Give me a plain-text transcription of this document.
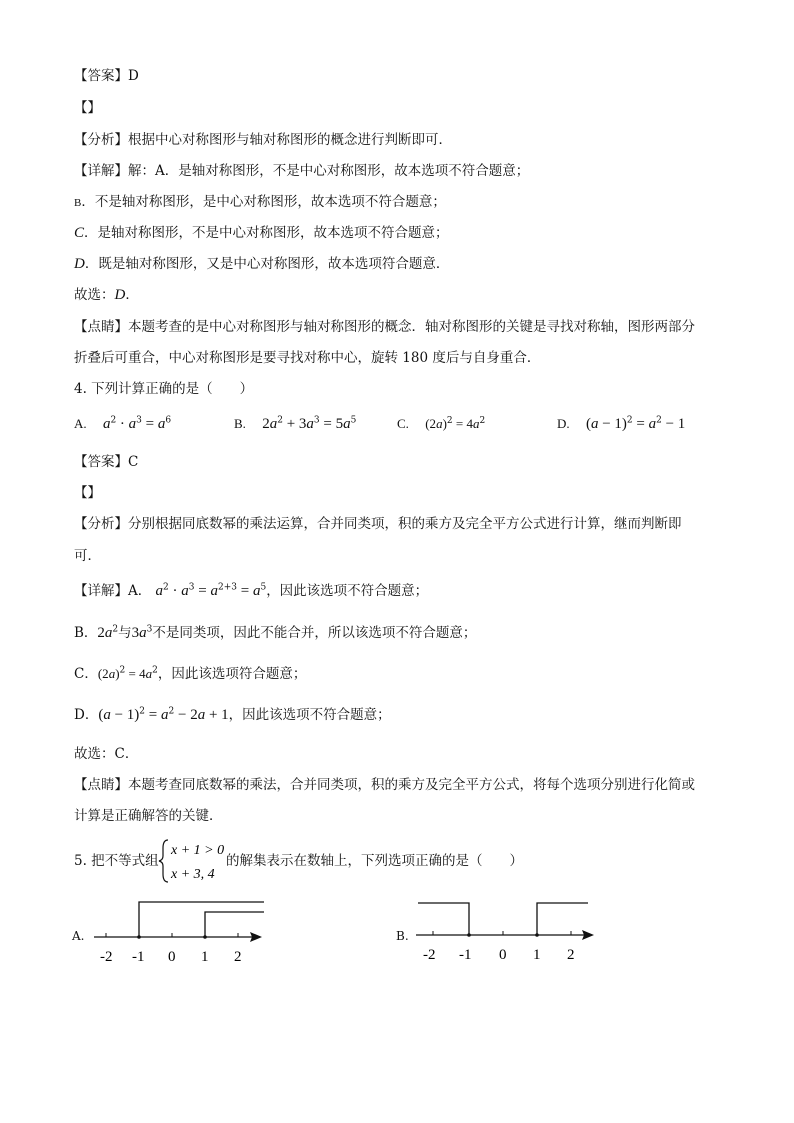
【答案】D
【】
【分析】根据中心对称图形与轴对称图形的概念进行判断即可．
【详解】解：A．是轴对称图形，不是中心对称图形，故本选项不符合题意；
B．不是轴对称图形，是中心对称图形，故本选项不符合题意；
C．是轴对称图形，不是中心对称图形，故本选项不符合题意；
D．既是轴对称图形，又是中心对称图形，故本选项符合题意．
故选：D．
【点睛】本题考查的是中心对称图形与轴对称图形的概念．轴对称图形的关键是寻找对称轴，图形两部分
折叠后可重合，中心对称图形是要寻找对称中心，旋转 180 度后与自身重合．
4. 下列计算正确的是（　　）
A. $a^2 \cdot a^3 = a^6$	B. $2a^2 + 3a^3 = 5a^5$	C. $(2a)^2 = 4a^2$	D. $(a - 1)^2 = a^2 - 1$
【答案】C
【】
【分析】分别根据同底数幂的乘法运算，合并同类项，积的乘方及完全平方公式进行计算，继而判断即
可．
【详解】A． $a^2 \cdot a^3 = a^{2+3} = a^5$，因此该选项不符合题意；
B．$2a^2$与$3a^3$不是同类项，因此不能合并，所以该选项不符合题意；
C．$(2a)^2 = 4a^2$，因此该选项符合题意；
D．$(a - 1)^2 = a^2 - 2a + 1$，因此该选项不符合题意；
故选：C．
【点睛】本题考查同底数幂的乘法，合并同类项，积的乘方及完全平方公式，将每个选项分别进行化简或
计算是正确解答的关键．
5. 把不等式组
x + 1 > 0
x + 3, 4
的解集表示在数轴上，下列选项正确的是（　　）
A.
-2 -1 0 1 2
B.
-2 -1 0 1 2
